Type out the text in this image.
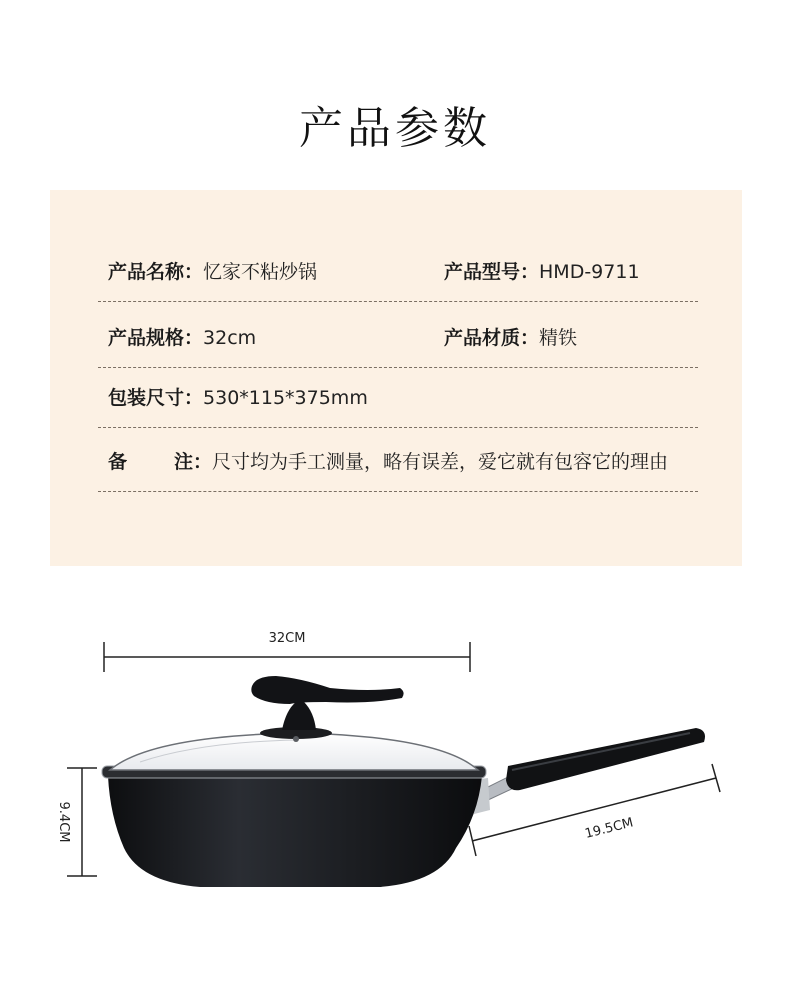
产品参数
产品名称：忆家不粘炒锅	产品型号：HMD-9711
产品规格：32cm	产品材质：精铁
包装尺寸：530*115*375mm
备 注：尺寸均为手工测量，略有误差，爱它就有包容它的理由
32CM
9.4CM	19.5CM
